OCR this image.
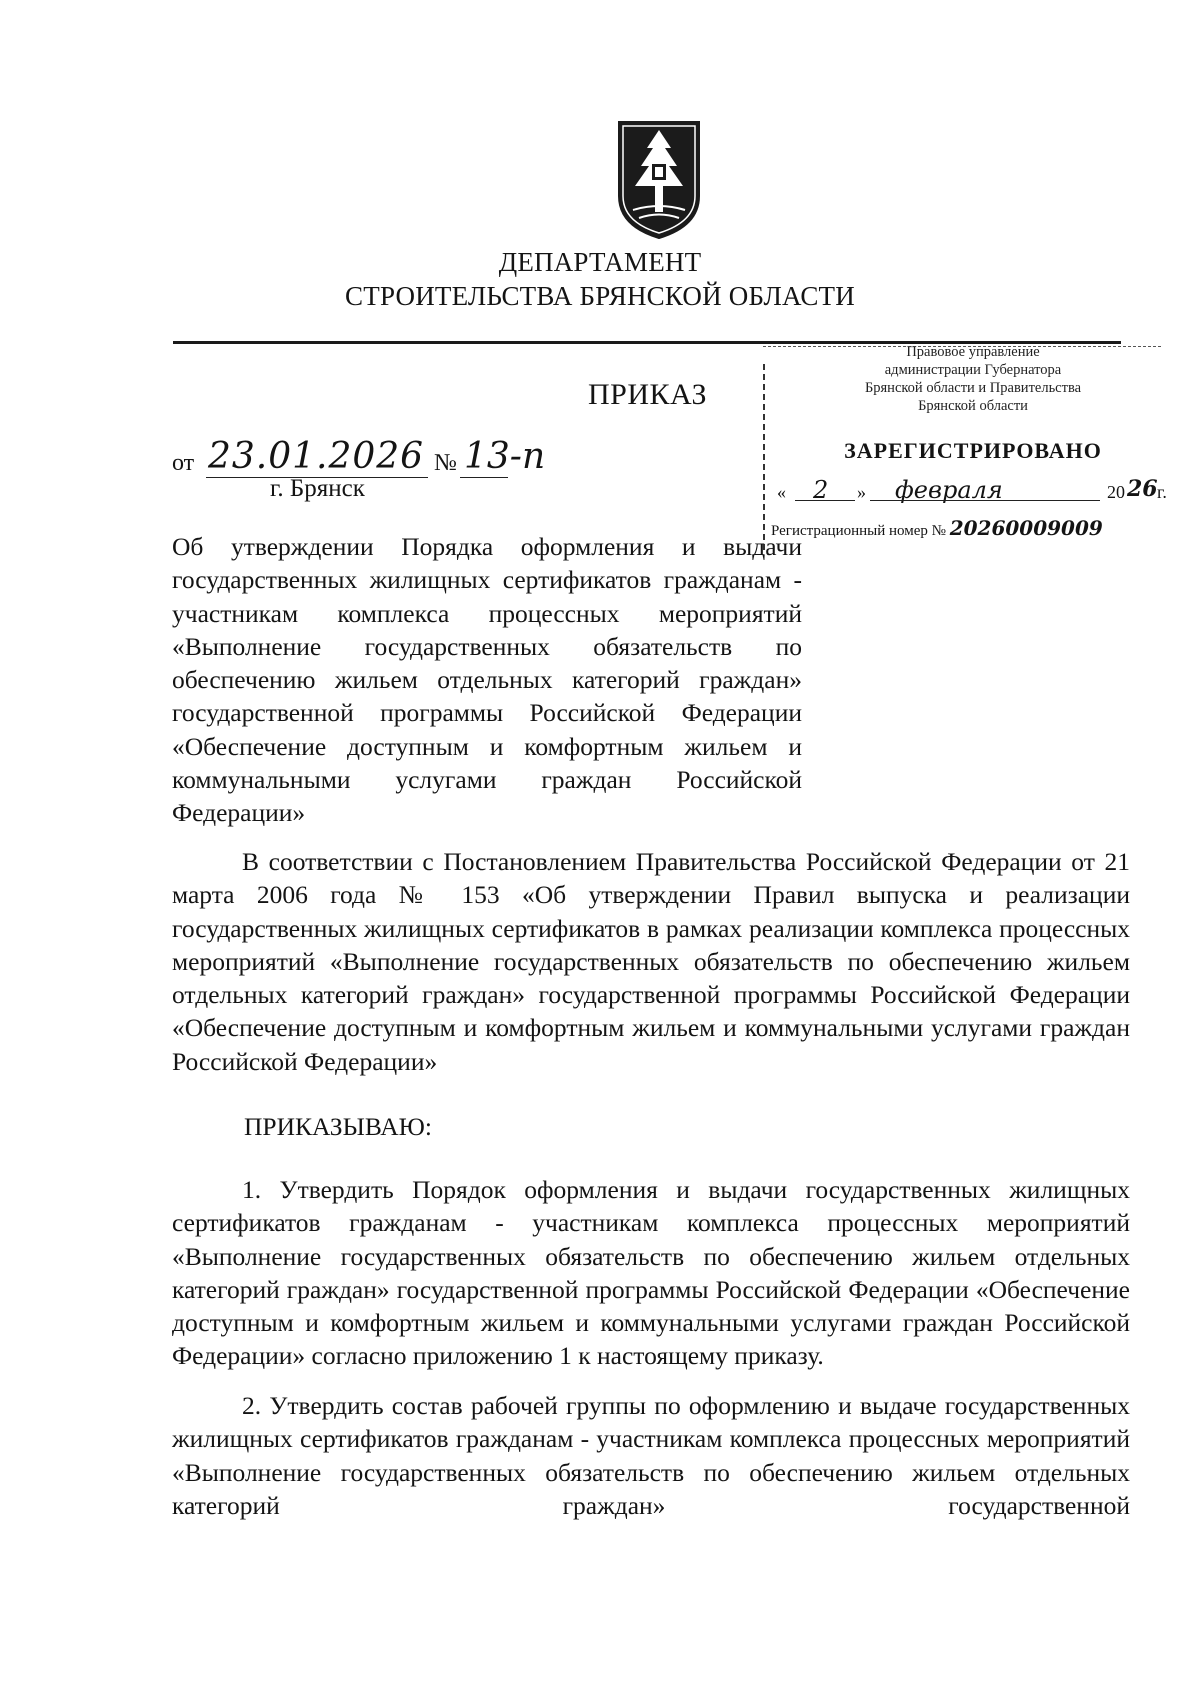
ДЕПАРТАМЕНТ
СТРОИТЕЛЬСТВА БРЯНСКОЙ ОБЛАСТИ
ПРИКАЗ
от 23.01.2026 № 13-п
г. Брянск
Правовое управление
администрации Губернатора
Брянской области и Правительства
Брянской области
ЗАРЕГИСТРИРОВАНО
« 2 » февраля	20 26 г.
Регистрационный номер № 20260009009

Об утверждении Порядка оформления и выдачи государственных жилищных сертификатов гражданам - участникам комплекса процессных мероприятий «Выполнение государственных обязательств по обеспечению жильем отдельных категорий граждан» государственной программы Российской Федерации «Обеспечение доступным и комфортным жильем и коммунальными услугами граждан Российской Федерации»

В соответствии с Постановлением Правительства Российской Федерации от 21 марта 2006 года № 153 «Об утверждении Правил выпуска и реализации государственных жилищных сертификатов в рамках реализации комплекса процессных мероприятий «Выполнение государственных обязательств по обеспечению жильем отдельных категорий граждан» государственной программы Российской Федерации «Обеспечение доступным и комфортным жильем и коммунальными услугами граждан Российской Федерации»

ПРИКАЗЫВАЮ:

1. Утвердить Порядок оформления и выдачи государственных жилищных сертификатов гражданам - участникам комплекса процессных мероприятий «Выполнение государственных обязательств по обеспечению жильем отдельных категорий граждан» государственной программы Российской Федерации «Обеспечение доступным и комфортным жильем и коммунальными услугами граждан Российской Федерации» согласно приложению 1 к настоящему приказу.

2. Утвердить состав рабочей группы по оформлению и выдаче государственных жилищных сертификатов гражданам - участникам комплекса процессных мероприятий «Выполнение государственных обязательств по обеспечению жильем отдельных категорий граждан» государственной
